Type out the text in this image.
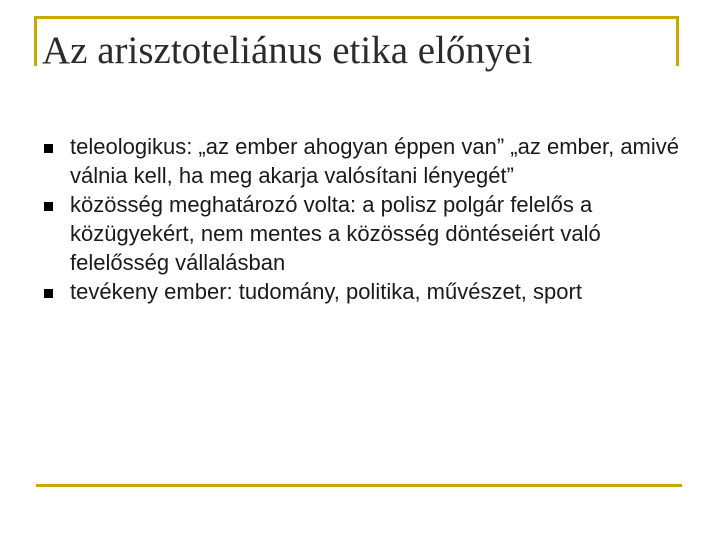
Az arisztoteliánus etika előnyei
teleologikus: „az ember ahogyan éppen van” „az ember, amivé válnia kell, ha meg akarja valósítani lényegét”
közösség meghatározó volta: a polisz polgár felelős a közügyekért, nem mentes a közösség döntéseiért való felelősség vállalásban
tevékeny ember: tudomány, politika, művészet, sport
